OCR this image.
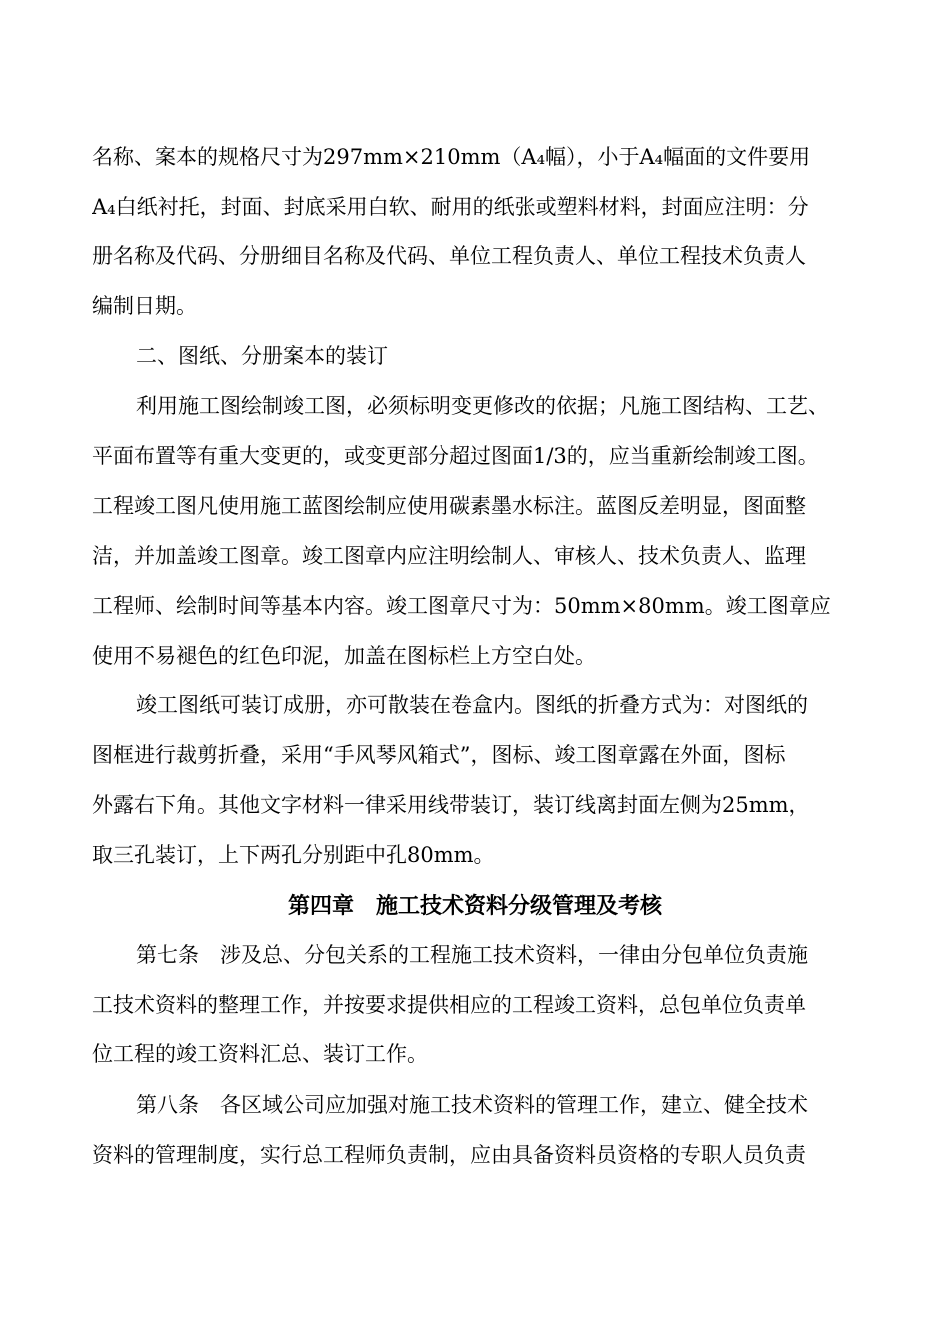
名称、案本的规格尺寸为297mm×210mm（A₄幅），小于A₄幅面的文件要用
A₄白纸衬托，封面、封底采用白软、耐用的纸张或塑料材料，封面应注明：分
册名称及代码、分册细目名称及代码、单位工程负责人、单位工程技术负责人
编制日期。
二、图纸、分册案本的装订
利用施工图绘制竣工图，必须标明变更修改的依据；凡施工图结构、工艺、
平面布置等有重大变更的，或变更部分超过图面1/3的，应当重新绘制竣工图。
工程竣工图凡使用施工蓝图绘制应使用碳素墨水标注。蓝图反差明显，图面整
洁，并加盖竣工图章。竣工图章内应注明绘制人、审核人、技术负责人、监理
工程师、绘制时间等基本内容。竣工图章尺寸为：50mm×80mm。竣工图章应
使用不易褪色的红色印泥，加盖在图标栏上方空白处。
竣工图纸可装订成册，亦可散装在卷盒内。图纸的折叠方式为：对图纸的
图框进行裁剪折叠，采用“手风琴风箱式”，图标、竣工图章露在外面，图标
外露右下角。其他文字材料一律采用线带装订，装订线离封面左侧为25mm，
取三孔装订，上下两孔分别距中孔80mm。
第四章　施工技术资料分级管理及考核
第七条　涉及总、分包关系的工程施工技术资料，一律由分包单位负责施
工技术资料的整理工作，并按要求提供相应的工程竣工资料，总包单位负责单
位工程的竣工资料汇总、装订工作。
第八条　各区域公司应加强对施工技术资料的管理工作，建立、健全技术
资料的管理制度，实行总工程师负责制，应由具备资料员资格的专职人员负责
